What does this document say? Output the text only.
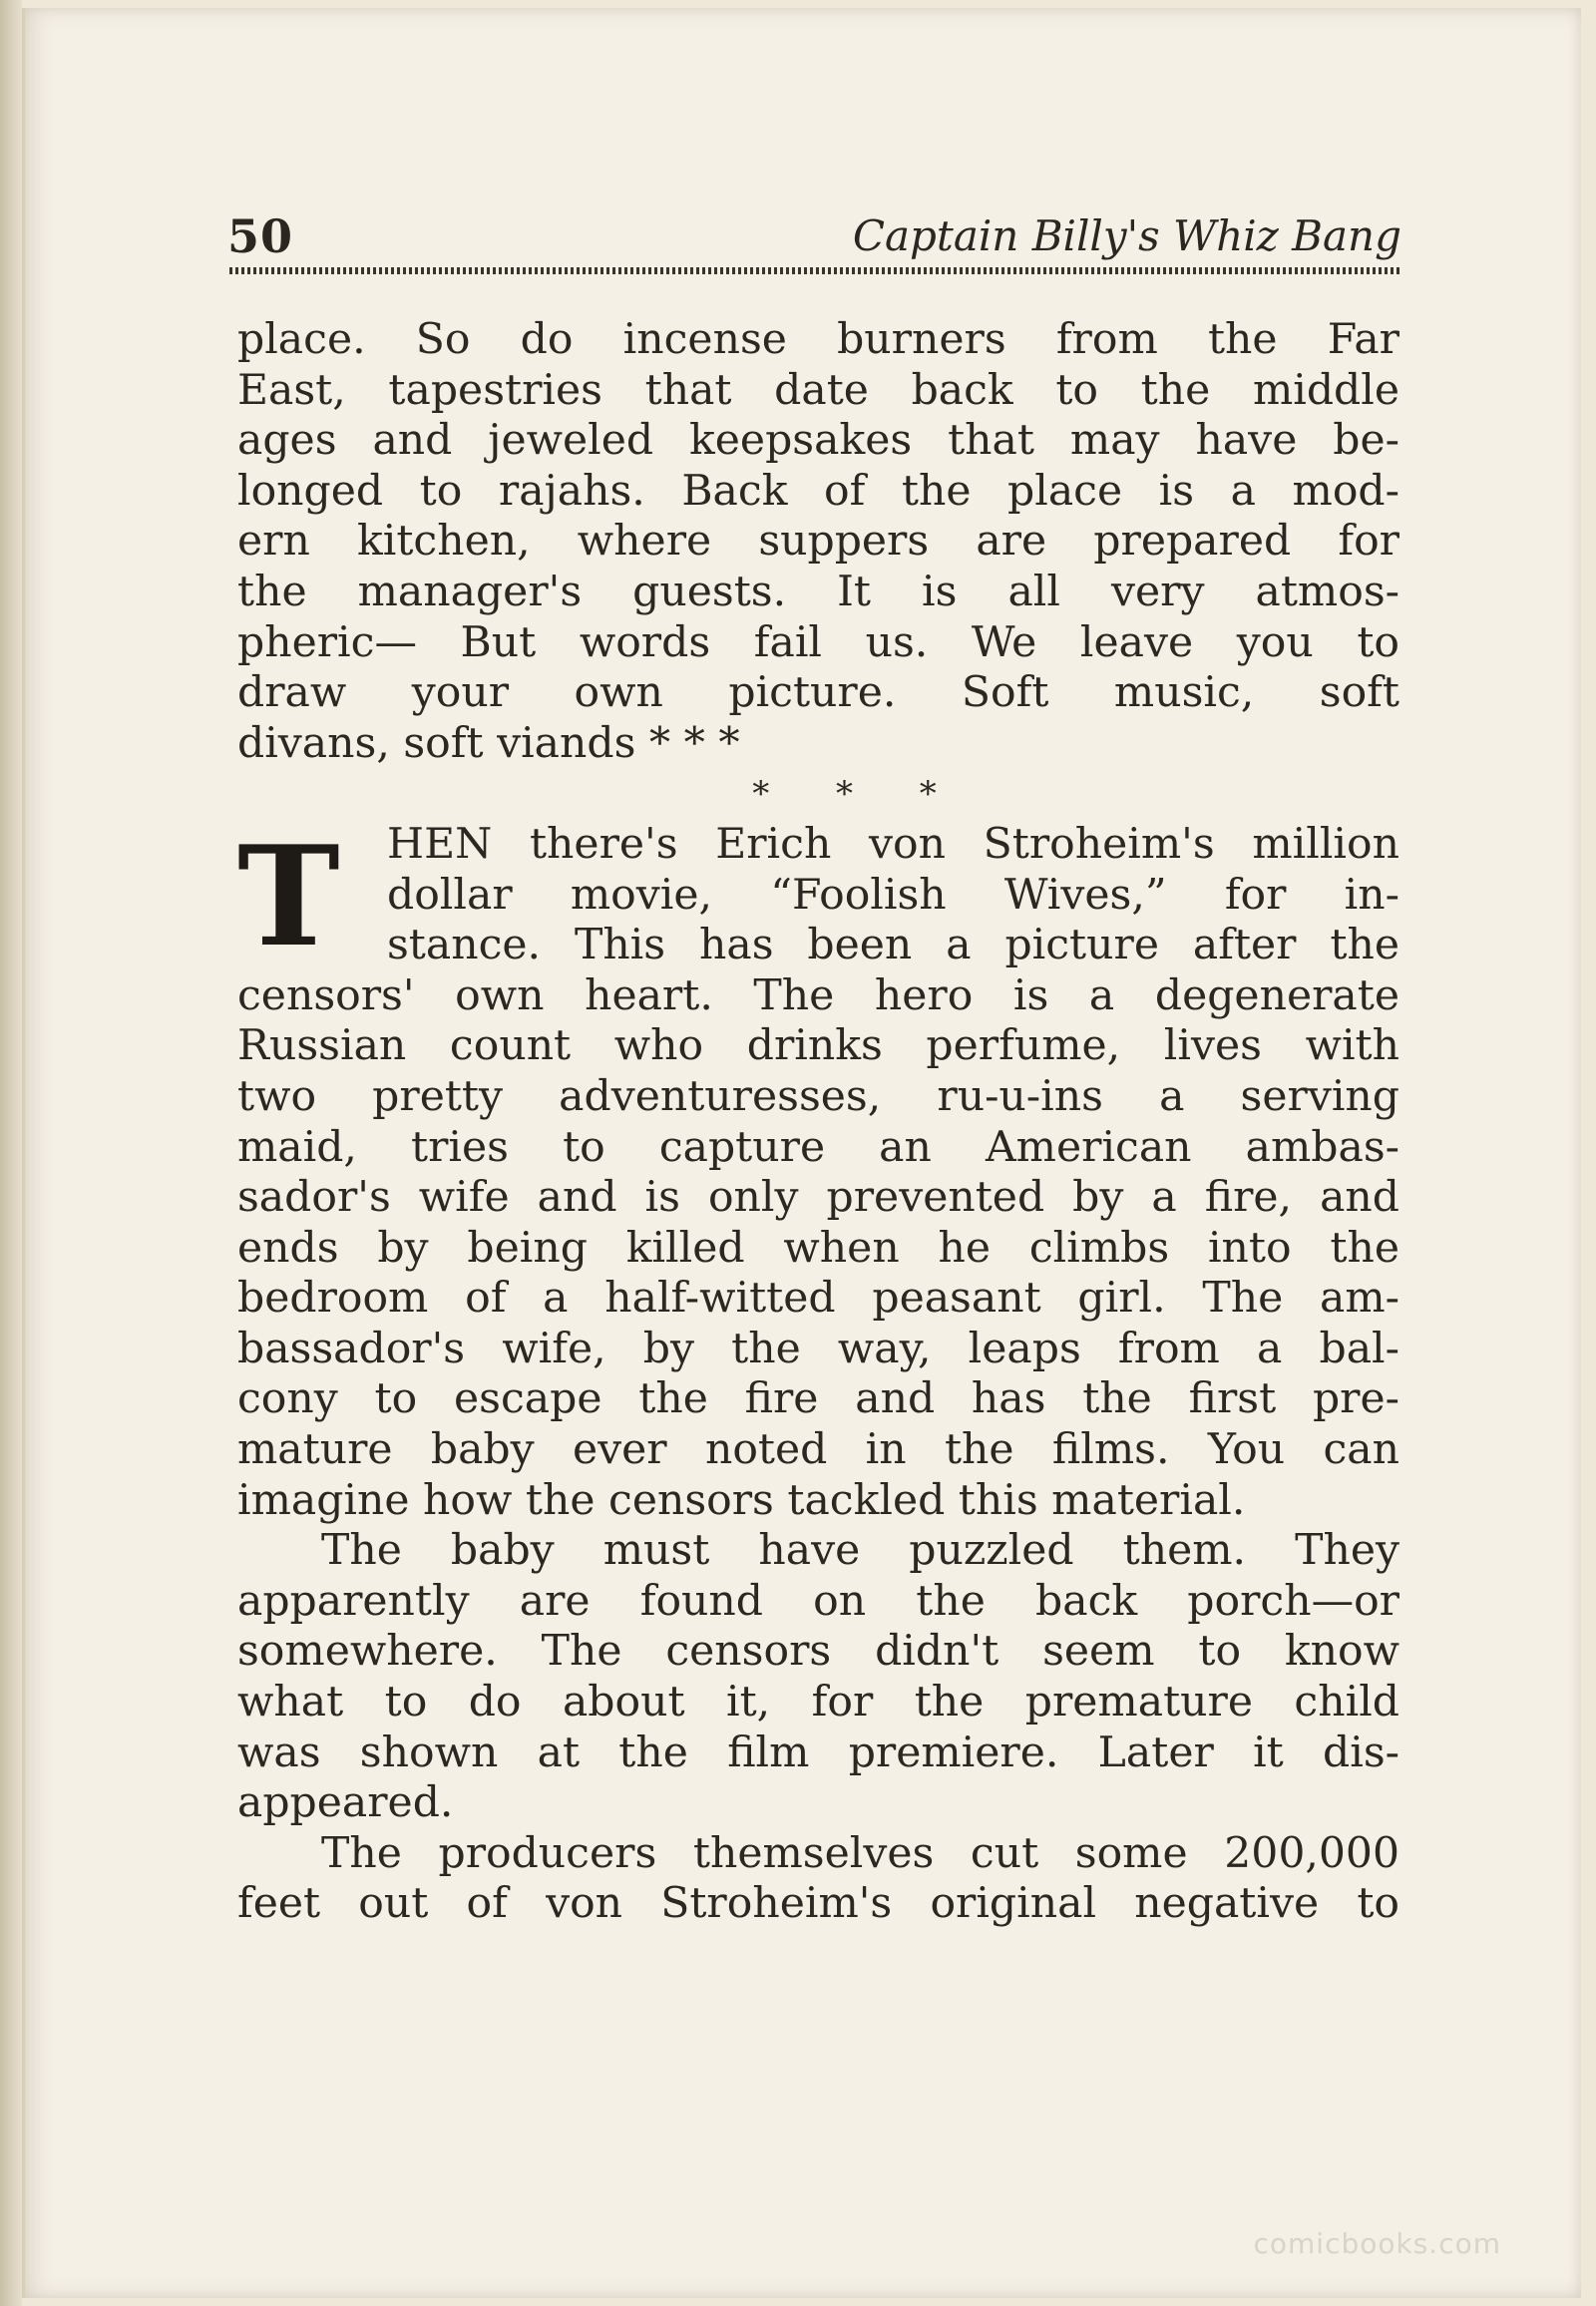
comicbooks.com
50	Captain Billy's Whiz Bang
place. So do incense burners from the Far
East, tapestries that date back to the middle
ages and jeweled keepsakes that may have be-
longed to rajahs. Back of the place is a mod-
ern kitchen, where suppers are prepared for
the manager's guests. It is all very atmos-
pheric— But words fail us. We leave you to
draw your own picture. Soft music, soft
divans, soft viands * * *
* * *
T	HEN there's Erich von Stroheim's million
dollar movie, “Foolish Wives,” for in-
stance. This has been a picture after the
censors' own heart. The hero is a degenerate
Russian count who drinks perfume, lives with
two pretty adventuresses, ru-u-ins a serving
maid, tries to capture an American ambas-
sador's wife and is only prevented by a fire, and
ends by being killed when he climbs into the
bedroom of a half-witted peasant girl. The am-
bassador's wife, by the way, leaps from a bal-
cony to escape the fire and has the first pre-
mature baby ever noted in the films. You can
imagine how the censors tackled this material.
The baby must have puzzled them. They
apparently are found on the back porch—or
somewhere. The censors didn't seem to know
what to do about it, for the premature child
was shown at the film premiere. Later it dis-
appeared.
The producers themselves cut some 200,000
feet out of von Stroheim's original negative to
